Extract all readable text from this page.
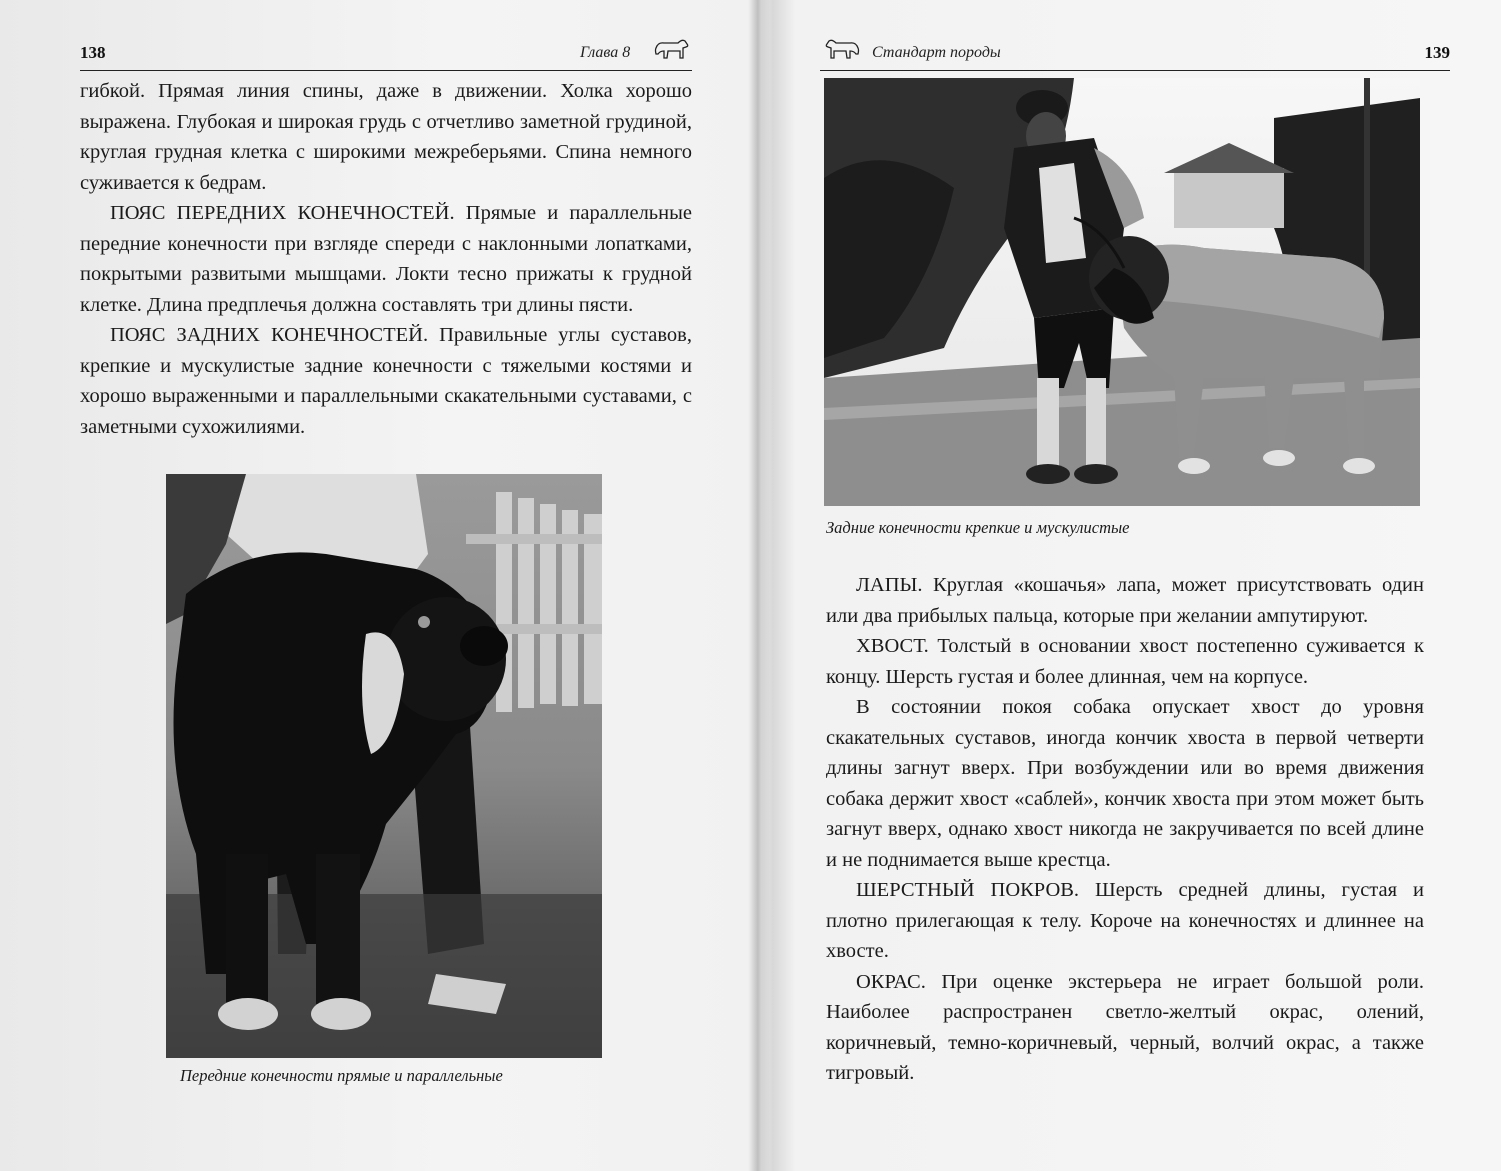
138	Глава 8

гибкой. Прямая линия спины, даже в движении. Холка хорошо выражена. Глубокая и широкая грудь с отчетливо заметной грудиной, круглая грудная клетка с широкими межреберьями. Спина немного суживается к бедрам.

ПОЯС ПЕРЕДНИХ КОНЕЧНОСТЕЙ. Прямые и параллельные передние конечности при взгляде спереди с наклонными лопатками, покрытыми развитыми мышцами. Локти тесно прижаты к грудной клетке. Длина предплечья должна составлять три длины пясти.

ПОЯС ЗАДНИХ КОНЕЧНОСТЕЙ. Правильные углы суставов, крепкие и мускулистые задние конечности с тяжелыми костями и хорошо выраженными и параллельными скакательными суставами, с заметными сухожилиями.

Передние конечности прямые и параллельные
Стандарт породы	139
Задние конечности крепкие и мускулистые

ЛАПЫ. Круглая «кошачья» лапа, может присутствовать один или два прибылых пальца, которые при желании ампутируют.

ХВОСТ. Толстый в основании хвост постепенно суживается к концу. Шерсть густая и более длинная, чем на корпусе.

В состоянии покоя собака опускает хвост до уровня скакательных суставов, иногда кончик хвоста в первой четверти длины загнут вверх. При возбуждении или во время движения собака держит хвост «саблей», кончик хвоста при этом может быть загнут вверх, однако хвост никогда не закручивается по всей длине и не поднимается выше крестца.

ШЕРСТНЫЙ ПОКРОВ. Шерсть средней длины, густая и плотно прилегающая к телу. Короче на конечностях и длиннее на хвосте.

ОКРАС. При оценке экстерьера не играет большой роли. Наиболее распространен светло-желтый окрас, олений, коричневый, темно-коричневый, черный, волчий окрас, а также тигровый.
